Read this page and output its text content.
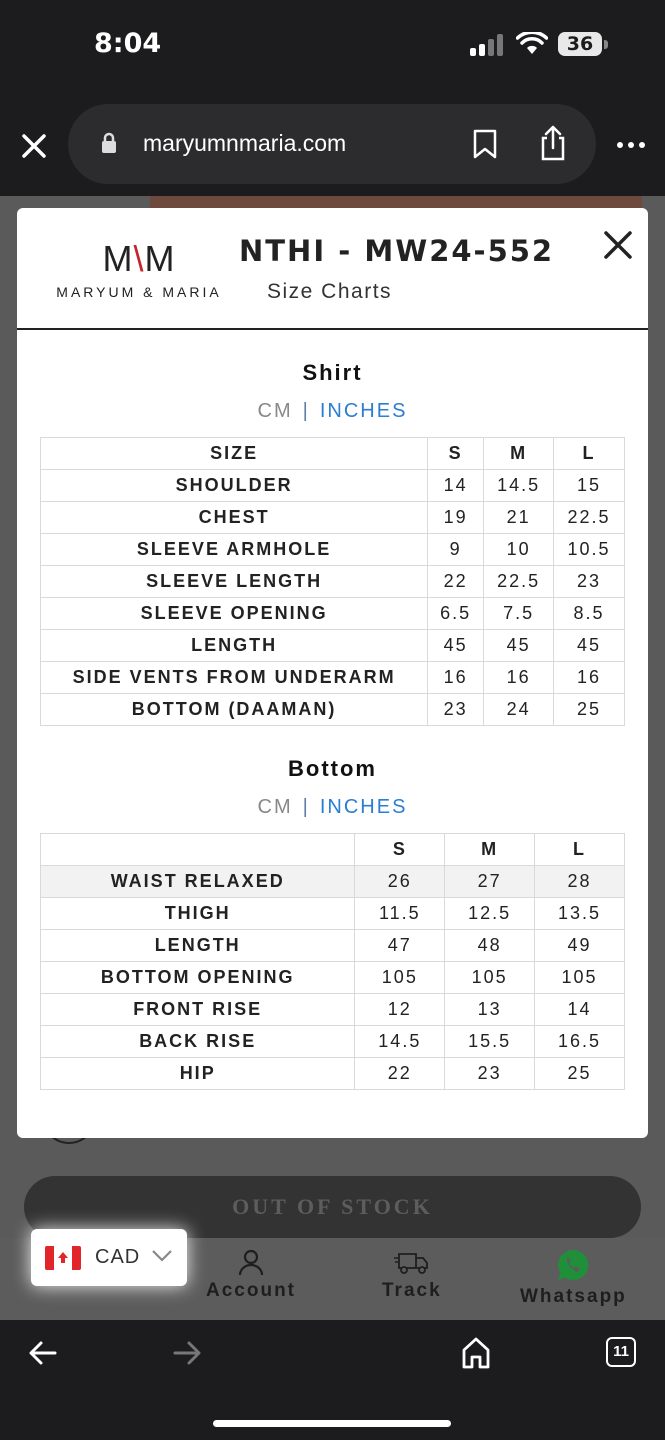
8:04	36
maryumnmaria.com
OUT OF STOCK
Account	Track	Whatsapp
CAD
11
M\M
MARYUM & MARIA
NTHI - MW24-552
Size Charts
Shirt
CM | INCHES
SIZE	S	M	L
SHOULDER	14	14.5	15
CHEST	19	21	22.5
SLEEVE ARMHOLE	9	10	10.5
SLEEVE LENGTH	22	22.5	23
SLEEVE OPENING	6.5	7.5	8.5
LENGTH	45	45	45
SIDE VENTS FROM UNDERARM	16	16	16
BOTTOM (DAAMAN)	23	24	25
Bottom
CM | INCHES
	S	M	L
WAIST RELAXED	26	27	28
THIGH	11.5	12.5	13.5
LENGTH	47	48	49
BOTTOM OPENING	105	105	105
FRONT RISE	12	13	14
BACK RISE	14.5	15.5	16.5
HIP	22	23	25
